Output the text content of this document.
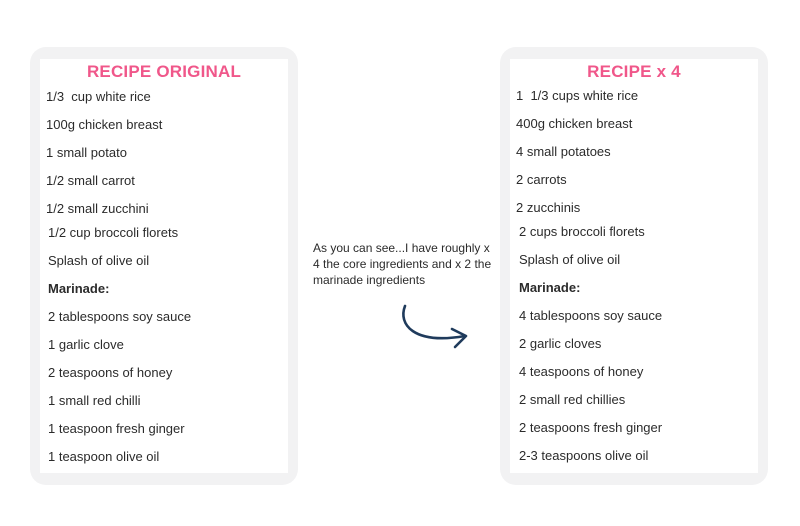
RECIPE ORIGINAL
1/3  cup white rice
100g chicken breast
1 small potato
1/2 small carrot
1/2 small zucchini
1/2 cup broccoli florets
Splash of olive oil
Marinade:
2 tablespoons soy sauce
1 garlic clove
2 teaspoons of honey
1 small red chilli
1 teaspoon fresh ginger
1 teaspoon olive oil
As you can see...I have roughly x 4 the core ingredients and x 2 the marinade ingredients
RECIPE x 4
1  1/3 cups white rice
400g chicken breast
4 small potatoes
2 carrots
2 zucchinis
2 cups broccoli florets
Splash of olive oil
Marinade:
4 tablespoons soy sauce
2 garlic cloves
4 teaspoons of honey
2 small red chillies
2 teaspoons fresh ginger
2-3 teaspoons olive oil
